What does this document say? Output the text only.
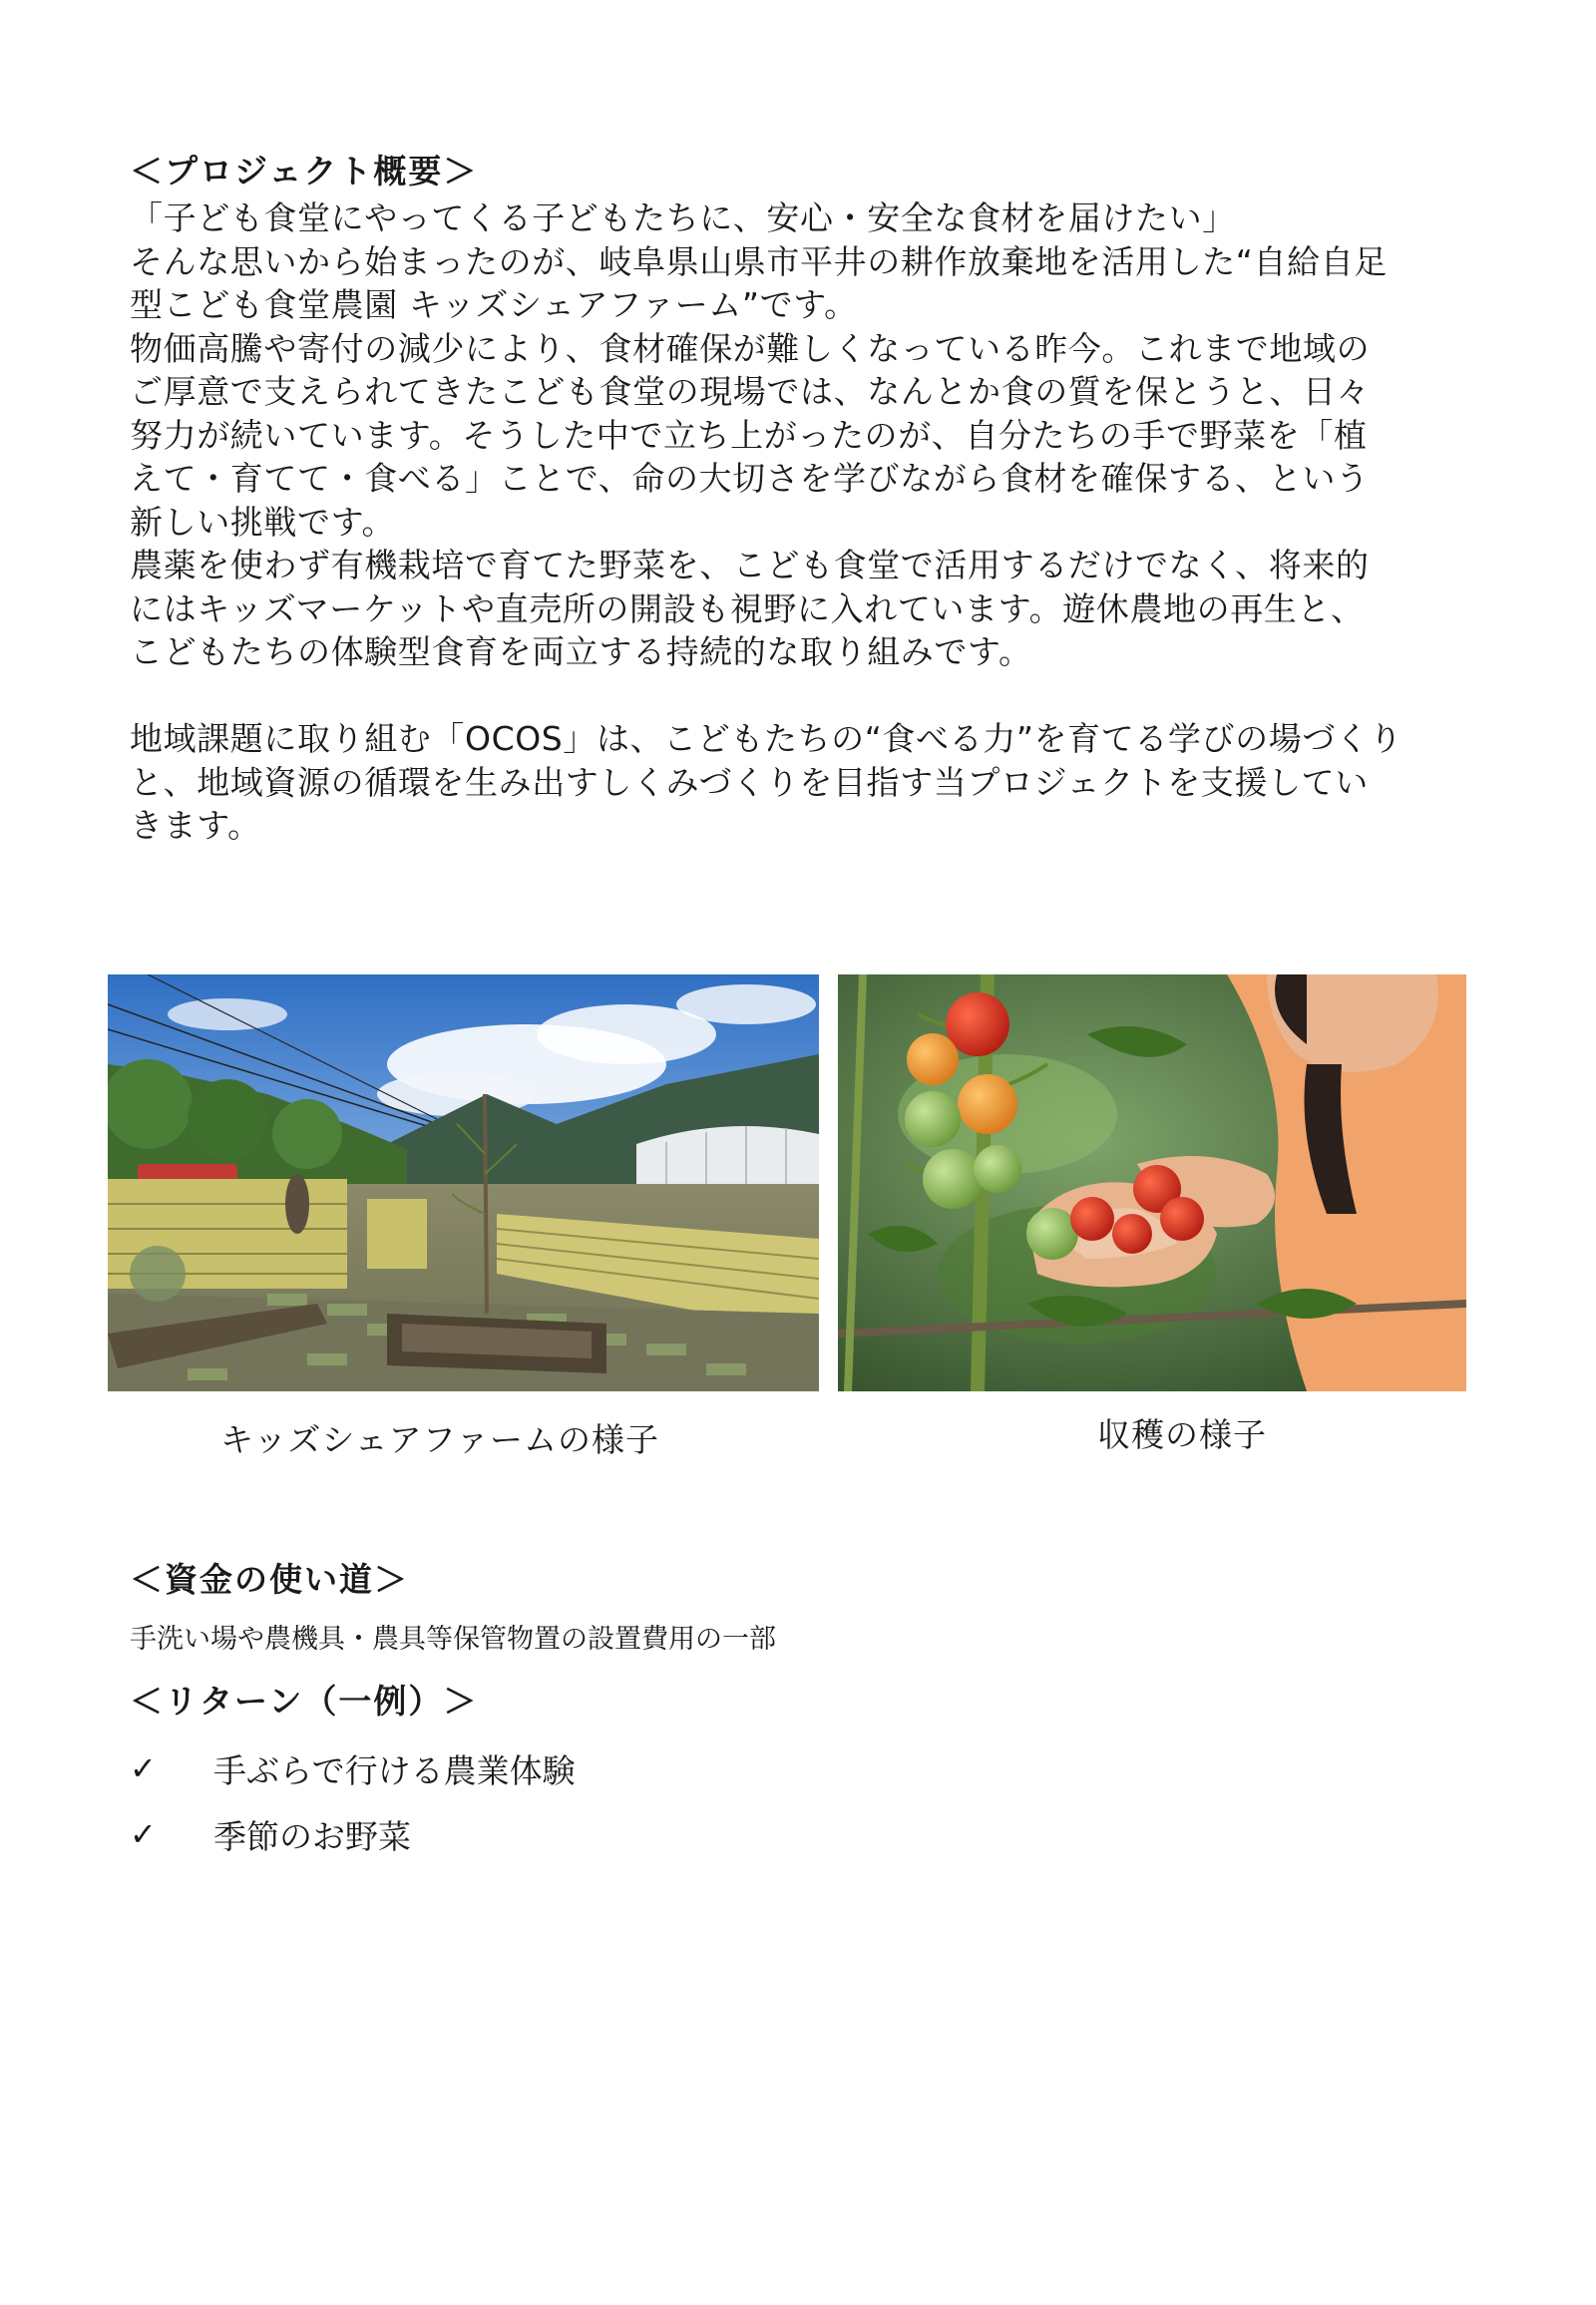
＜プロジェクト概要＞

「子ども食堂にやってくる子どもたちに、安心・安全な食材を届けたい」
そんな思いから始まったのが、岐阜県山県市平井の耕作放棄地を活用した“自給自足
型こども食堂農園 キッズシェアファーム”です。
物価高騰や寄付の減少により、食材確保が難しくなっている昨今。これまで地域の
ご厚意で支えられてきたこども食堂の現場では、なんとか食の質を保とうと、日々
努力が続いています。そうした中で立ち上がったのが、自分たちの手で野菜を「植
えて・育てて・食べる」ことで、命の大切さを学びながら食材を確保する、という
新しい挑戦です。
農薬を使わず有機栽培で育てた野菜を、こども食堂で活用するだけでなく、将来的
にはキッズマーケットや直売所の開設も視野に入れています。遊休農地の再生と、
こどもたちの体験型食育を両立する持続的な取り組みです。

地域課題に取り組む「OCOS」は、こどもたちの“食べる力”を育てる学びの場づくり
と、地域資源の循環を生み出すしくみづくりを目指す当プロジェクトを支援してい
きます。

キッズシェアファームの様子	収穫の様子
＜資金の使い道＞
手洗い場や農機具・農具等保管物置の設置費用の一部
＜リターン（一例）＞
✓	手ぶらで行ける農業体験
✓	季節のお野菜
